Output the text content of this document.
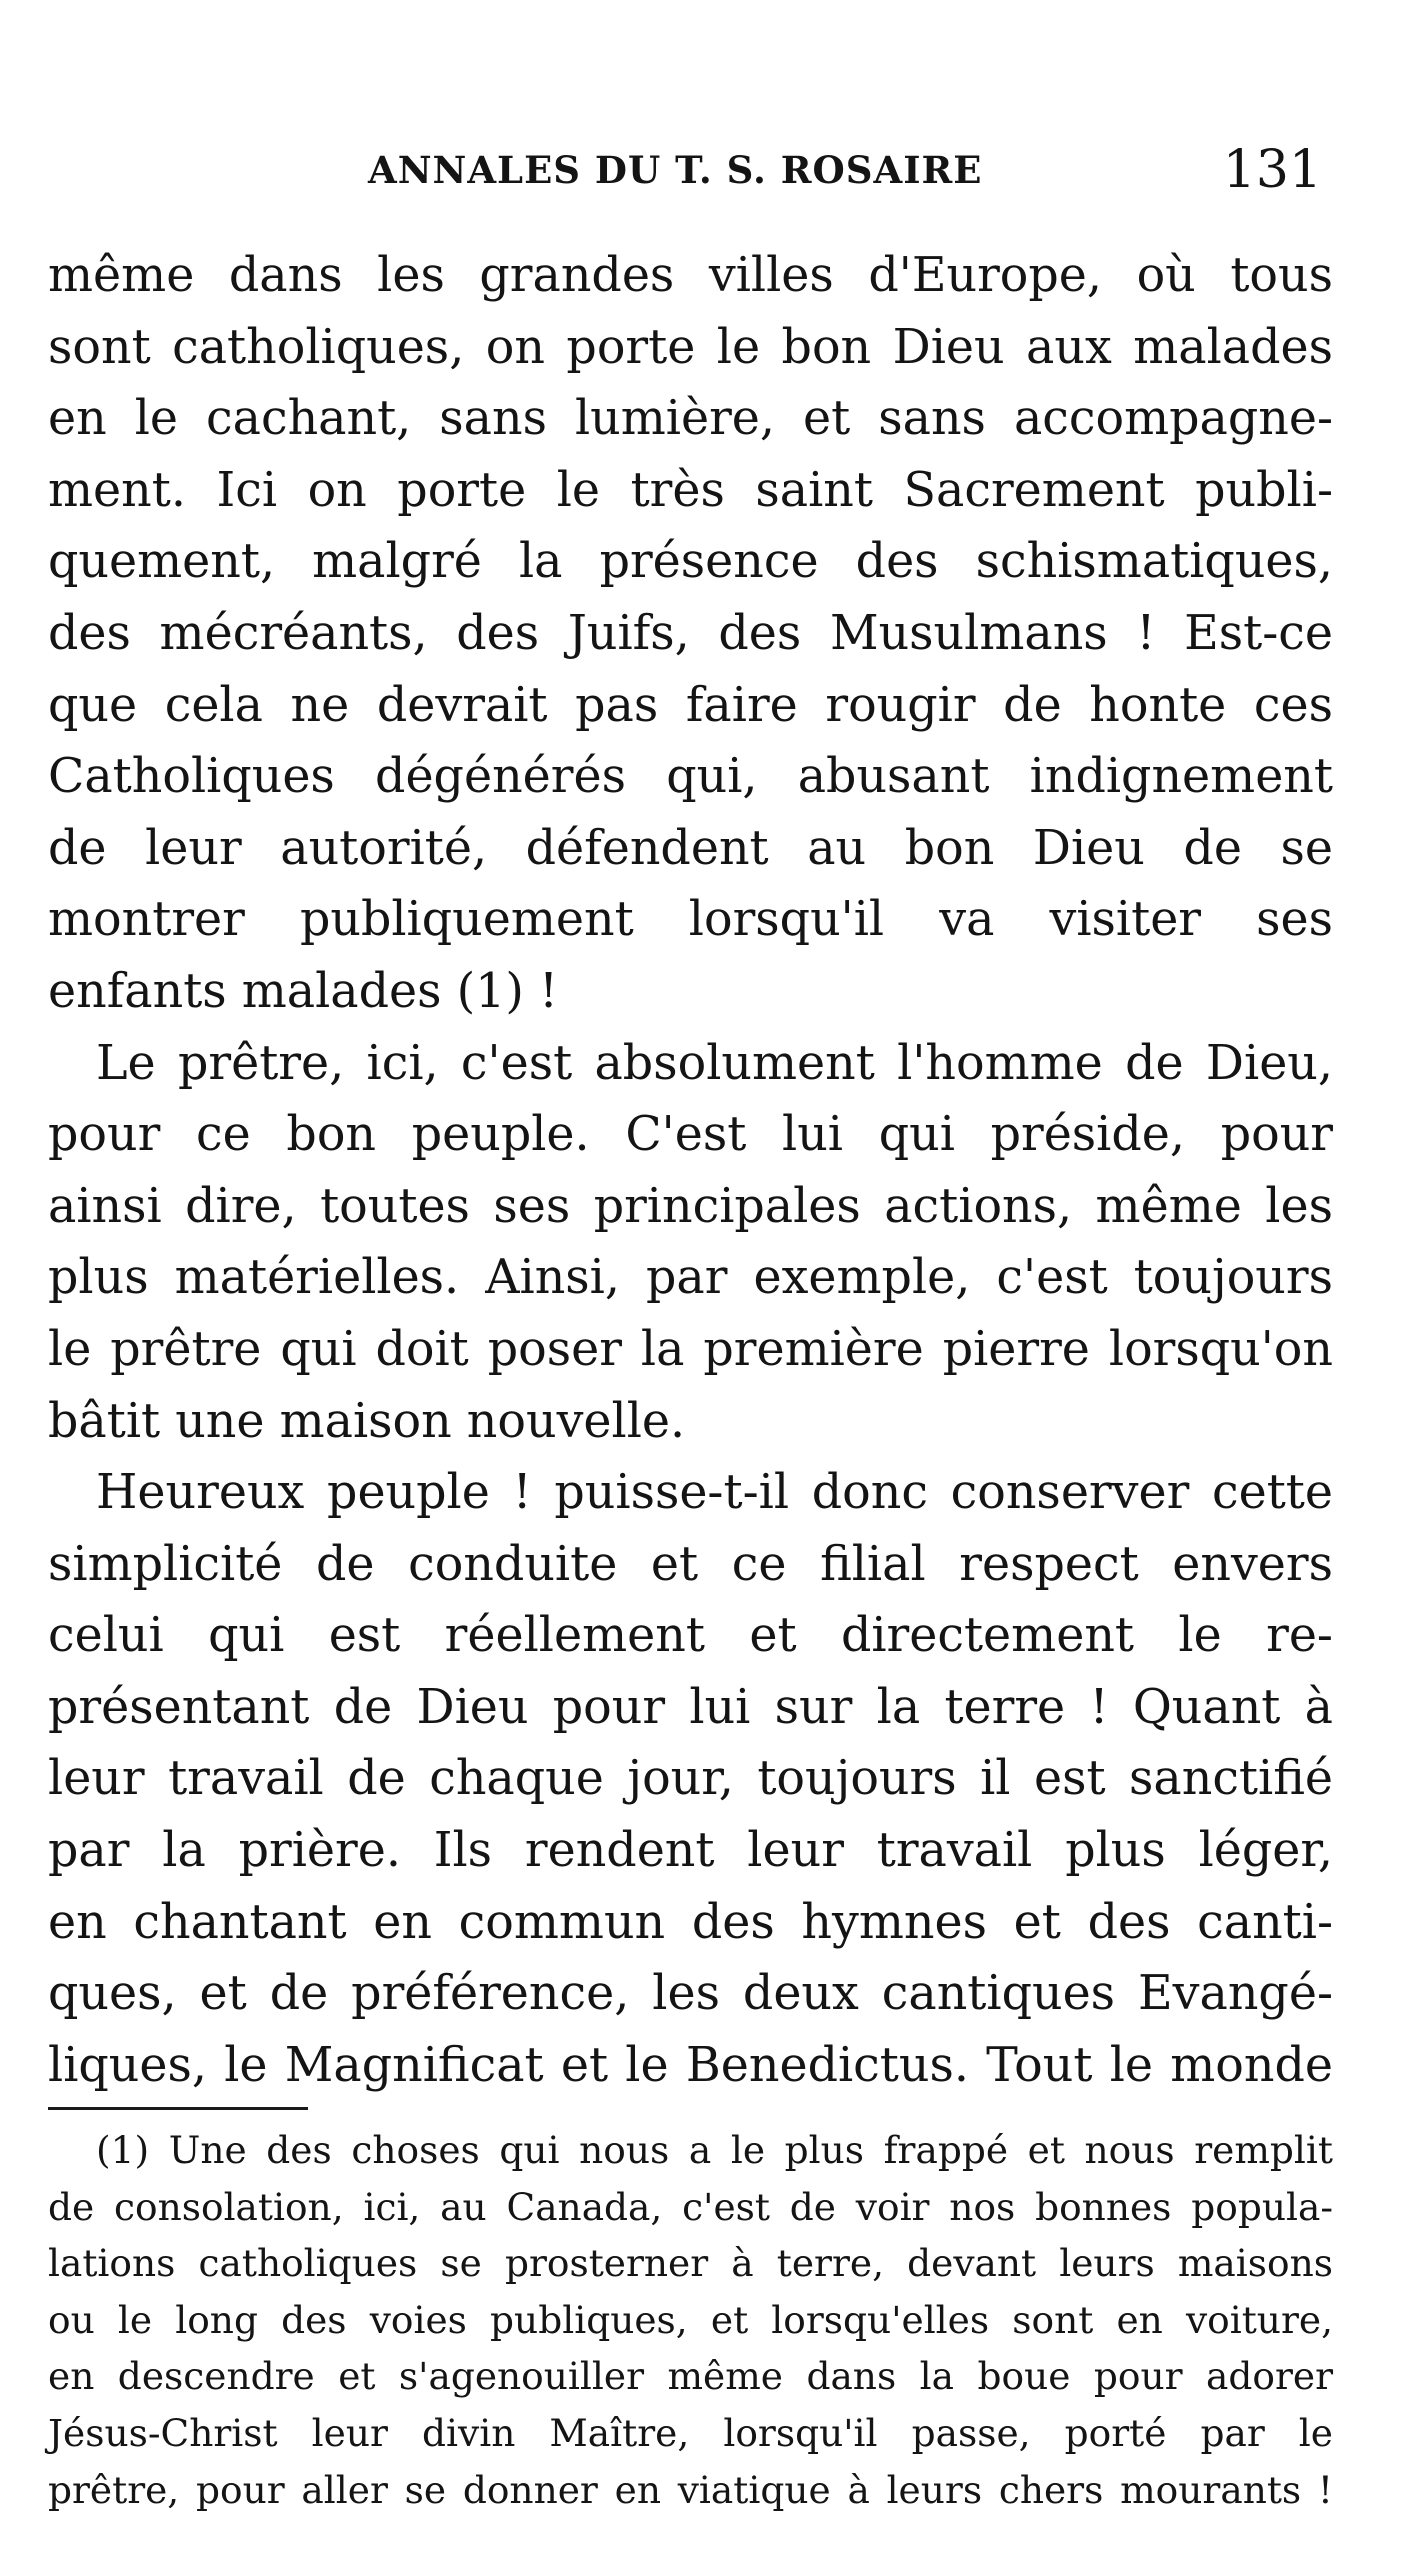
ANNALES DU T. S. ROSAIRE	131
même dans les grandes villes d'Europe, où tous
sont catholiques, on porte le bon Dieu aux malades
en le cachant, sans lumière, et sans accompagne-
ment. Ici on porte le très saint Sacrement publi-
quement, malgré la présence des schismatiques,
des mécréants, des Juifs, des Musulmans ! Est-ce
que cela ne devrait pas faire rougir de honte ces
Catholiques dégénérés qui, abusant indignement
de leur autorité, défendent au bon Dieu de se
montrer publiquement lorsqu'il va visiter ses
enfants malades (1) !
Le prêtre, ici, c'est absolument l'homme de Dieu,
pour ce bon peuple. C'est lui qui préside, pour
ainsi dire, toutes ses principales actions, même les
plus matérielles. Ainsi, par exemple, c'est toujours
le prêtre qui doit poser la première pierre lorsqu'on
bâtit une maison nouvelle.
Heureux peuple ! puisse-t-il donc conserver cette
simplicité de conduite et ce filial respect envers
celui qui est réellement et directement le re-
présentant de Dieu pour lui sur la terre ! Quant à
leur travail de chaque jour, toujours il est sanctifié
par la prière. Ils rendent leur travail plus léger,
en chantant en commun des hymnes et des canti-
ques, et de préférence, les deux cantiques Evangé-
liques, le Magnificat et le Benedictus. Tout le monde
(1) Une des choses qui nous a le plus frappé et nous remplit
de consolation, ici, au Canada, c'est de voir nos bonnes popula-
lations catholiques se prosterner à terre, devant leurs maisons
ou le long des voies publiques, et lorsqu'elles sont en voiture,
en descendre et s'agenouiller même dans la boue pour adorer
Jésus-Christ leur divin Maître, lorsqu'il passe, porté par le
prêtre, pour aller se donner en viatique à leurs chers mourants !
